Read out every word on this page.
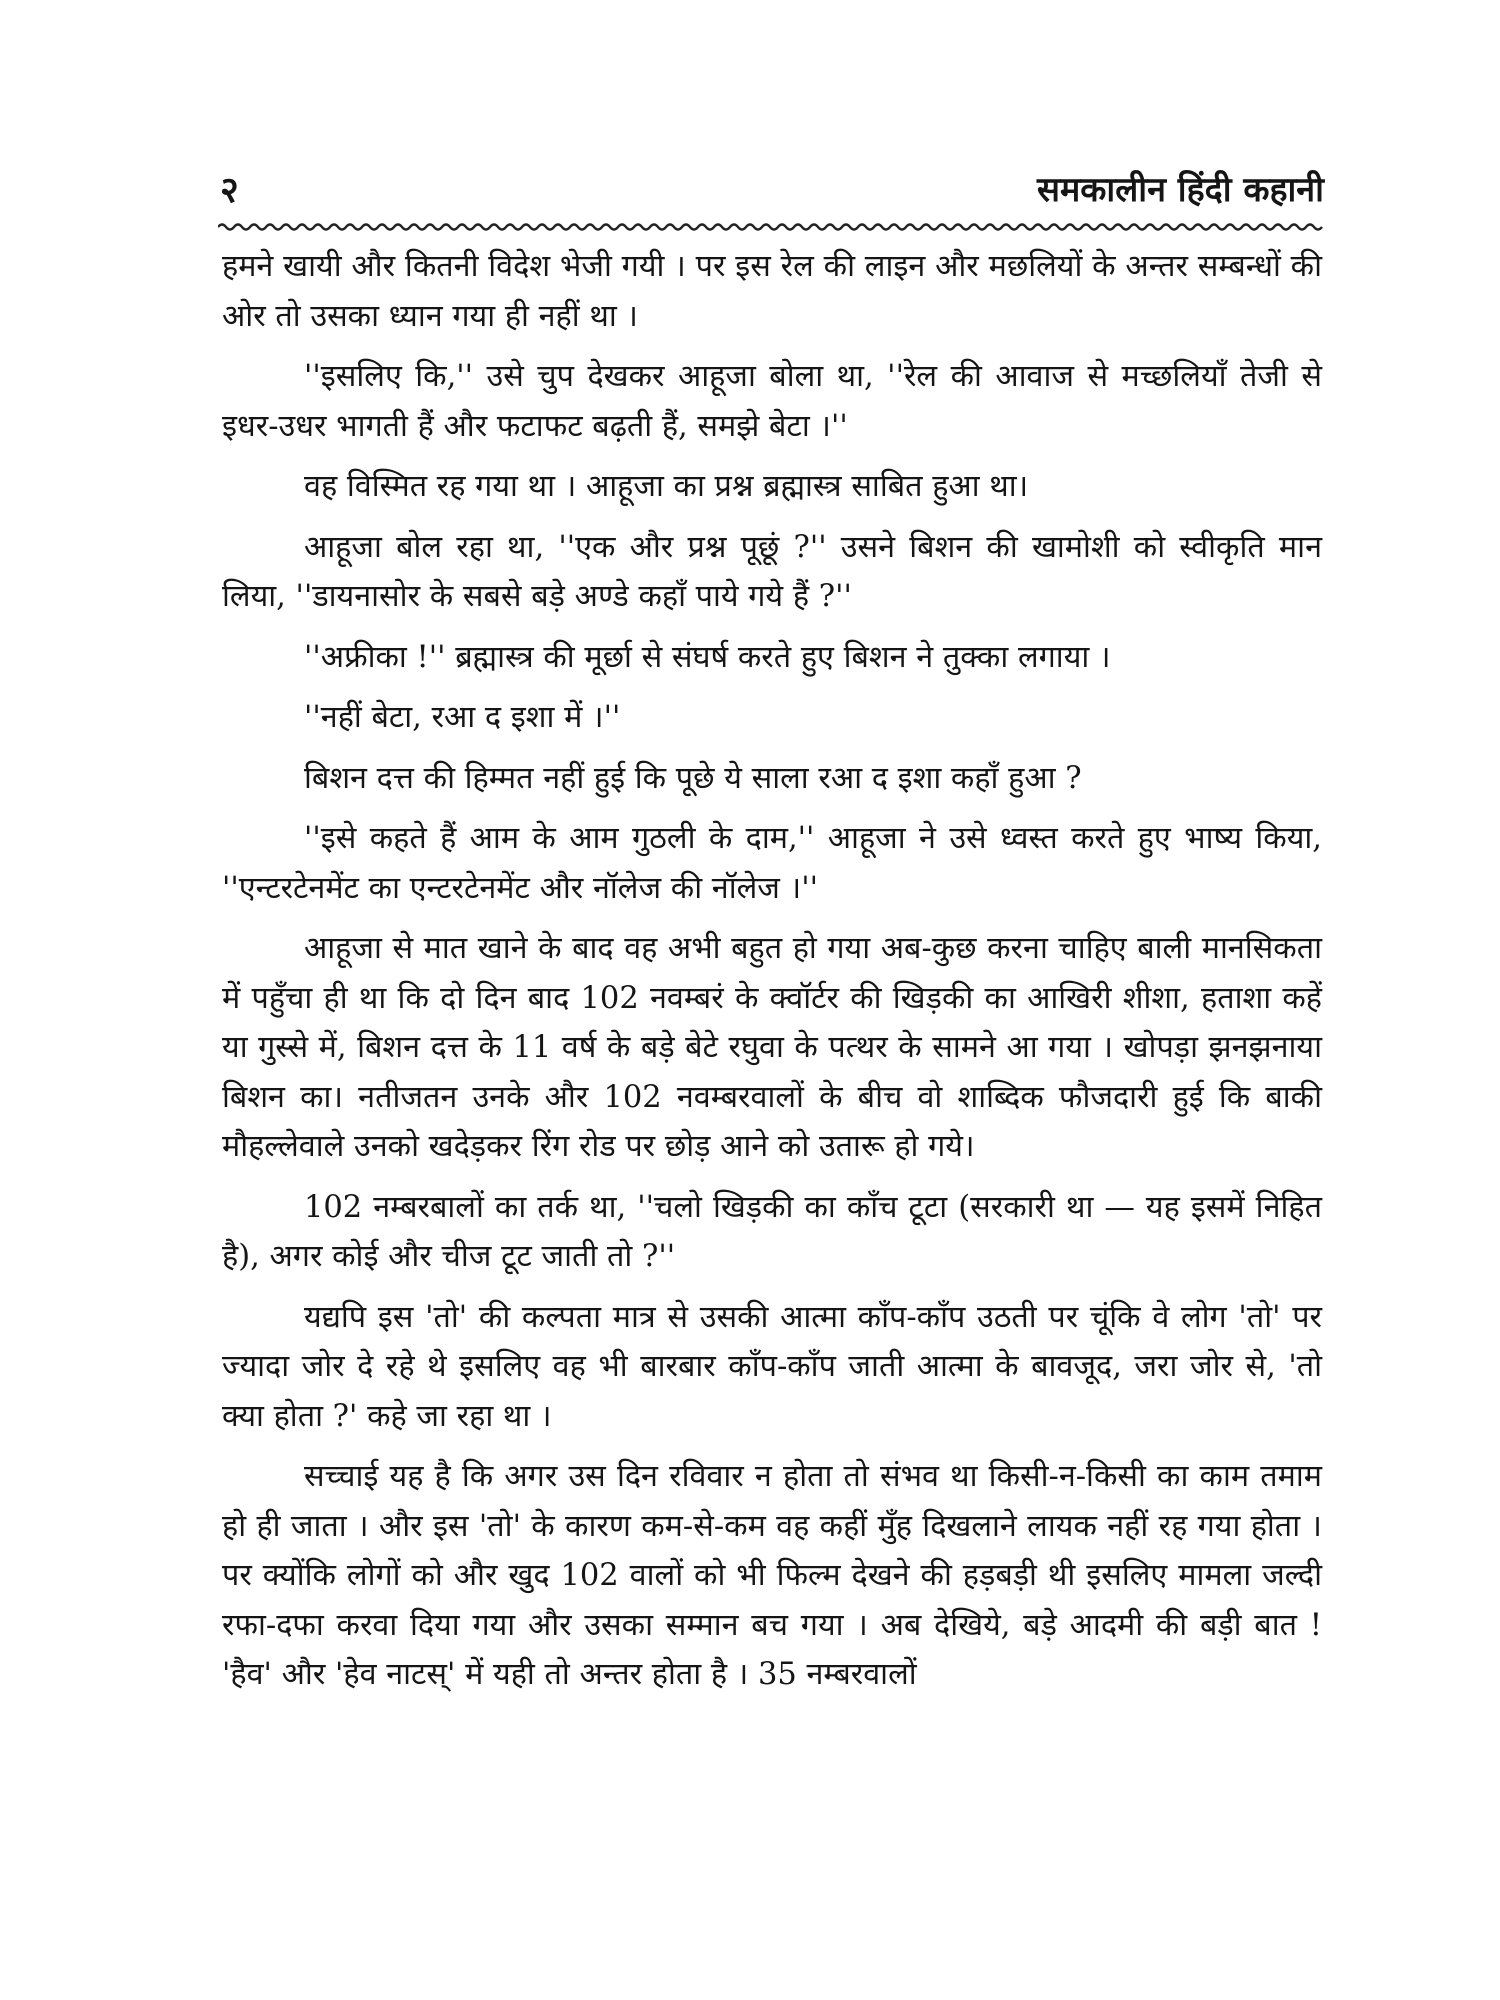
२	समकालीन हिंदी कहानी

हमने खायी और कितनी विदेश भेजी गयी । पर इस रेल की लाइन और मछलियों के अन्तर सम्बन्धों की ओर तो उसका ध्यान गया ही नहीं था ।

''इसलिए कि,'' उसे चुप देखकर आहूजा बोला था, ''रेल की आवाज से मच्छलियाँ तेजी से इधर-उधर भागती हैं और फटाफट बढ़ती हैं, समझे बेटा ।''

वह विस्मित रह गया था । आहूजा का प्रश्न ब्रह्मास्त्र साबित हुआ था।

आहूजा बोल रहा था, ''एक और प्रश्न पूछूं ?'' उसने बिशन की खामोशी को स्वीकृति मान लिया, ''डायनासोर के सबसे बड़े अण्डे कहाँ पाये गये हैं ?''

''अफ्रीका !'' ब्रह्मास्त्र की मूर्छा से संघर्ष करते हुए बिशन ने तुक्का लगाया ।

''नहीं बेटा, रआ द इशा में ।''

बिशन दत्त की हिम्मत नहीं हुई कि पूछे ये साला रआ द इशा कहाँ हुआ ?

''इसे कहते हैं आम के आम गुठली के दाम,'' आहूजा ने उसे ध्वस्त करते हुए भाष्य किया, ''एन्टरटेनमेंट का एन्टरटेनमेंट और नॉलेज की नॉलेज ।''

आहूजा से मात खाने के बाद वह अभी बहुत हो गया अब-कुछ करना चाहिए बाली मानसिकता में पहुँचा ही था कि दो दिन बाद 102 नवम्बरं के क्वॉर्टर की खिड़की का आखिरी शीशा, हताशा कहें या गुस्से में, बिशन दत्त के 11 वर्ष के बड़े बेटे रघुवा के पत्थर के सामने आ गया । खोपड़ा झनझनाया बिशन का। नतीजतन उनके और 102 नवम्बरवालों के बीच वो शाब्दिक फौजदारी हुई कि बाकी मौहल्लेवाले उनको खदेड़कर रिंग रोड पर छोड़ आने को उतारू हो गये।

102 नम्बरबालों का तर्क था, ''चलो खिड़की का काँच टूटा (सरकारी था — यह इसमें निहित है), अगर कोई और चीज टूट जाती तो ?''

यद्यपि इस 'तो' की कल्पता मात्र से उसकी आत्मा काँप-काँप उठती पर चूंकि वे लोग 'तो' पर ज्यादा जोर दे रहे थे इसलिए वह भी बारबार काँप-काँप जाती आत्मा के बावजूद, जरा जोर से, 'तो क्या होता ?' कहे जा रहा था ।

सच्चाई यह है कि अगर उस दिन रविवार न होता तो संभव था किसी-न-किसी का काम तमाम हो ही जाता । और इस 'तो' के कारण कम-से-कम वह कहीं मुँह दिखलाने लायक नहीं रह गया होता । पर क्योंकि लोगों को और खुद 102 वालों को भी फिल्म देखने की हड़बड़ी थी इसलिए मामला जल्दी रफा-दफा करवा दिया गया और उसका सम्मान बच गया । अब देखिये, बड़े आदमी की बड़ी बात ! 'हैव' और 'हेव नाटस्' में यही तो अन्तर होता है । 35 नम्बरवालों
